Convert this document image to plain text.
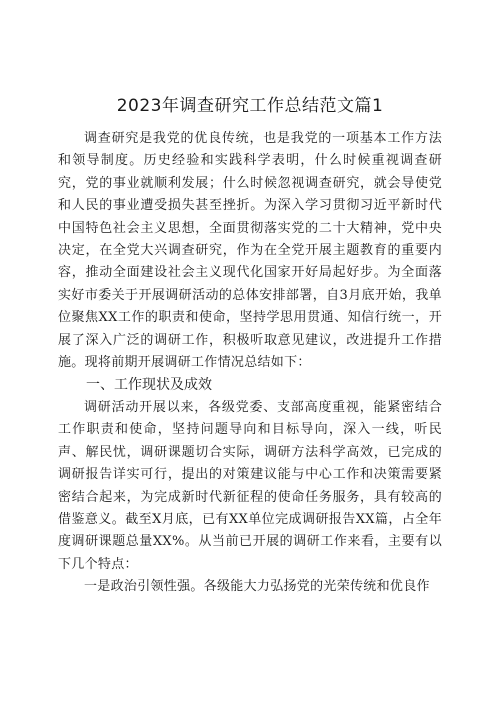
2023年调查研究工作总结范文篇1

调查研究是我党的优良传统，也是我党的一项基本工作方法和领导制度。历史经验和实践科学表明，什么时候重视调查研究，党的事业就顺利发展；什么时候忽视调查研究，就会导使党和人民的事业遭受损失甚至挫折。为深入学习贯彻习近平新时代中国特色社会主义思想，全面贯彻落实党的二十大精神，党中央决定，在全党大兴调查研究，作为在全党开展主题教育的重要内容，推动全面建设社会主义现代化国家开好局起好步。为全面落实好市委关于开展调研活动的总体安排部署，自3月底开始，我单位聚焦XX工作的职责和使命，坚持学思用贯通、知信行统一，开展了深入广泛的调研工作，积极听取意见建议，改进提升工作措施。现将前期开展调研工作情况总结如下：

一、工作现状及成效

调研活动开展以来，各级党委、支部高度重视，能紧密结合工作职责和使命，坚持问题导向和目标导向，深入一线，听民声、解民忧，调研课题切合实际，调研方法科学高效，已完成的调研报告详实可行，提出的对策建议能与中心工作和决策需要紧密结合起来，为完成新时代新征程的使命任务服务，具有较高的借鉴意义。截至X月底，已有XX单位完成调研报告XX篇，占全年度调研课题总量XX%。从当前已开展的调研工作来看，主要有以下几个特点：

一是政治引领性强。各级能大力弘扬党的光荣传统和优良作
